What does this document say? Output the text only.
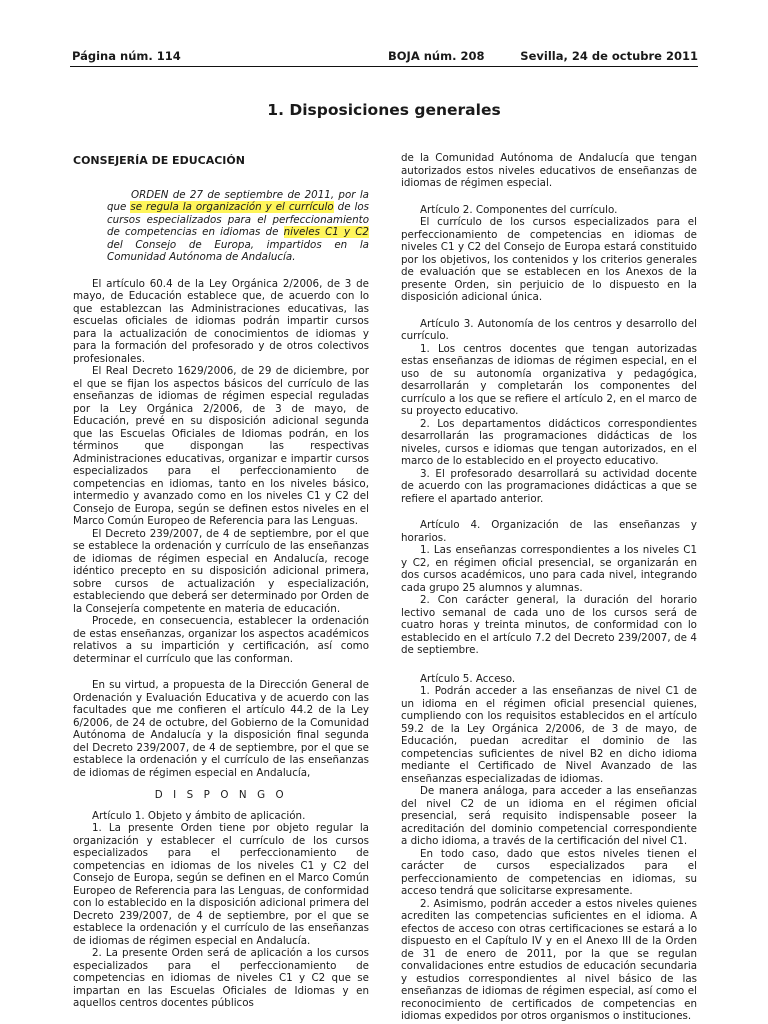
Página núm. 114	BOJA núm. 208	Sevilla, 24 de octubre 2011
1. Disposiciones generales

CONSEJERÍA DE EDUCACIÓN

ORDEN de 27 de septiembre de 2011, por la que se regula la organización y el currículo de los cursos especializados para el perfeccionamiento de competencias en idiomas de niveles C1 y C2 del Consejo de Europa, impartidos en la Comunidad Autónoma de Andalucía.

El artículo 60.4 de la Ley Orgánica 2/2006, de 3 de mayo, de Educación establece que, de acuerdo con lo que establezcan las Administraciones educativas, las escuelas oficiales de idiomas podrán impartir cursos para la actualización de conocimientos de idiomas y para la formación del profesorado y de otros colectivos profesionales.

El Real Decreto 1629/2006, de 29 de diciembre, por el que se fijan los aspectos básicos del currículo de las enseñanzas de idiomas de régimen especial reguladas por la Ley Orgánica 2/2006, de 3 de mayo, de Educación, prevé en su disposición adicional segunda que las Escuelas Oficiales de Idiomas podrán, en los términos que dispongan las respectivas Administraciones educativas, organizar e impartir cursos especializados para el perfeccionamiento de competencias en idiomas, tanto en los niveles básico, intermedio y avanzado como en los niveles C1 y C2 del Consejo de Europa, según se definen estos niveles en el Marco Común Europeo de Referencia para las Lenguas.

El Decreto 239/2007, de 4 de septiembre, por el que se establece la ordenación y currículo de las enseñanzas de idiomas de régimen especial en Andalucía, recoge idéntico precepto en su disposición adicional primera, sobre cursos de actualización y especialización, estableciendo que deberá ser determinado por Orden de la Consejería competente en materia de educación.

Procede, en consecuencia, establecer la ordenación de estas enseñanzas, organizar los aspectos académicos relativos a su impartición y certificación, así como determinar el currículo que las conforman.

En su virtud, a propuesta de la Dirección General de Ordenación y Evaluación Educativa y de acuerdo con las facultades que me confieren el artículo 44.2 de la Ley 6/2006, de 24 de octubre, del Gobierno de la Comunidad Autónoma de Andalucía y la disposición final segunda del Decreto 239/2007, de 4 de septiembre, por el que se establece la ordenación y el currículo de las enseñanzas de idiomas de régimen especial en Andalucía,

D I S P O N G O

Artículo 1. Objeto y ámbito de aplicación.

1. La presente Orden tiene por objeto regular la organización y establecer el currículo de los cursos especializados para el perfeccionamiento de competencias en idiomas de los niveles C1 y C2 del Consejo de Europa, según se definen en el Marco Común Europeo de Referencia para las Lenguas, de conformidad con lo establecido en la disposición adicional primera del Decreto 239/2007, de 4 de septiembre, por el que se establece la ordenación y el currículo de las enseñanzas de idiomas de régimen especial en Andalucía.

2. La presente Orden será de aplicación a los cursos especializados para el perfeccionamiento de competencias en idiomas de niveles C1 y C2 que se impartan en las Escuelas Oficiales de Idiomas y en aquellos centros docentes públicos

de la Comunidad Autónoma de Andalucía que tengan autorizados estos niveles educativos de enseñanzas de idiomas de régimen especial.

Artículo 2. Componentes del currículo.

El currículo de los cursos especializados para el perfeccionamiento de competencias en idiomas de niveles C1 y C2 del Consejo de Europa estará constituido por los objetivos, los contenidos y los criterios generales de evaluación que se establecen en los Anexos de la presente Orden, sin perjuicio de lo dispuesto en la disposición adicional única.

Artículo 3. Autonomía de los centros y desarrollo del currículo.

1. Los centros docentes que tengan autorizadas estas enseñanzas de idiomas de régimen especial, en el uso de su autonomía organizativa y pedagógica, desarrollarán y completarán los componentes del currículo a los que se refiere el artículo 2, en el marco de su proyecto educativo.

2. Los departamentos didácticos correspondientes desarrollarán las programaciones didácticas de los niveles, cursos e idiomas que tengan autorizados, en el marco de lo establecido en el proyecto educativo.

3. El profesorado desarrollará su actividad docente de acuerdo con las programaciones didácticas a que se refiere el apartado anterior.

Artículo 4. Organización de las enseñanzas y horarios.

1. Las enseñanzas correspondientes a los niveles C1 y C2, en régimen oficial presencial, se organizarán en dos cursos académicos, uno para cada nivel, integrando cada grupo 25 alumnos y alumnas.

2. Con carácter general, la duración del horario lectivo semanal de cada uno de los cursos será de cuatro horas y treinta minutos, de conformidad con lo establecido en el artículo 7.2 del Decreto 239/2007, de 4 de septiembre.

Artículo 5. Acceso.

1. Podrán acceder a las enseñanzas de nivel C1 de un idioma en el régimen oficial presencial quienes, cumpliendo con los requisitos establecidos en el artículo 59.2 de la Ley Orgánica 2/2006, de 3 de mayo, de Educación, puedan acreditar el dominio de las competencias suficientes de nivel B2 en dicho idioma mediante el Certificado de Nivel Avanzado de las enseñanzas especializadas de idiomas.

De manera análoga, para acceder a las enseñanzas del nivel C2 de un idioma en el régimen oficial presencial, será requisito indispensable poseer la acreditación del dominio competencial correspondiente a dicho idioma, a través de la certificación del nivel C1.

En todo caso, dado que estos niveles tienen el carácter de cursos especializados para el perfeccionamiento de competencias en idiomas, su acceso tendrá que solicitarse expresamente.

2. Asimismo, podrán acceder a estos niveles quienes acrediten las competencias suficientes en el idioma. A efectos de acceso con otras certificaciones se estará a lo dispuesto en el Capítulo IV y en el Anexo III de la Orden de 31 de enero de 2011, por la que se regulan convalidaciones entre estudios de educación secundaria y estudios correspondientes al nivel básico de las enseñanzas de idiomas de régimen especial, así como el reconocimiento de certificados de competencias en idiomas expedidos por otros organismos o instituciones.
